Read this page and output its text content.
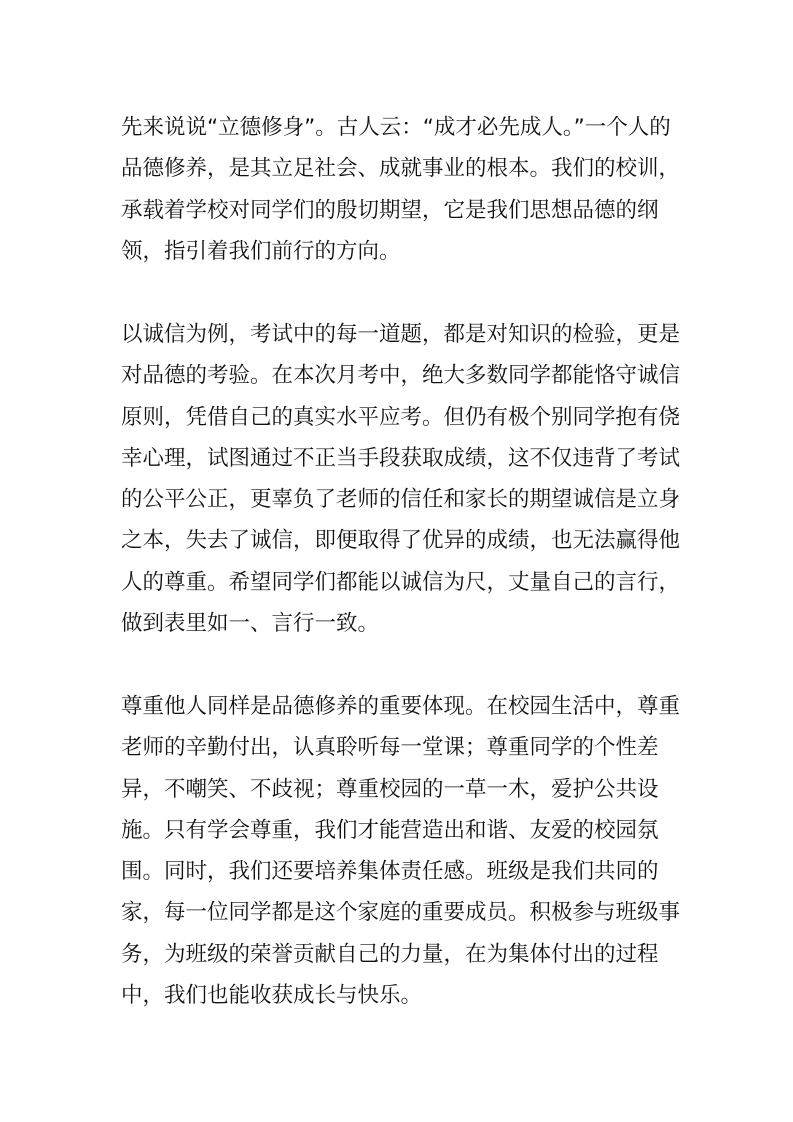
先来说说“立德修身”。古人云：“成才必先成人。”一个人的品德修养，是其立足社会、成就事业的根本。我们的校训，承载着学校对同学们的殷切期望，它是我们思想品德的纲领，指引着我们前行的方向。

以诚信为例，考试中的每一道题，都是对知识的检验，更是对品德的考验。在本次月考中，绝大多数同学都能恪守诚信原则，凭借自己的真实水平应考。但仍有极个别同学抱有侥幸心理，试图通过不正当手段获取成绩，这不仅违背了考试的公平公正，更辜负了老师的信任和家长的期望诚信是立身之本，失去了诚信，即便取得了优异的成绩，也无法赢得他人的尊重。希望同学们都能以诚信为尺，丈量自己的言行，做到表里如一、言行一致。

尊重他人同样是品德修养的重要体现。在校园生活中，尊重老师的辛勤付出，认真聆听每一堂课；尊重同学的个性差异，不嘲笑、不歧视；尊重校园的一草一木，爱护公共设施。只有学会尊重，我们才能营造出和谐、友爱的校园氛围。同时，我们还要培养集体责任感。班级是我们共同的家，每一位同学都是这个家庭的重要成员。积极参与班级事务，为班级的荣誉贡献自己的力量，在为集体付出的过程中，我们也能收获成长与快乐。
